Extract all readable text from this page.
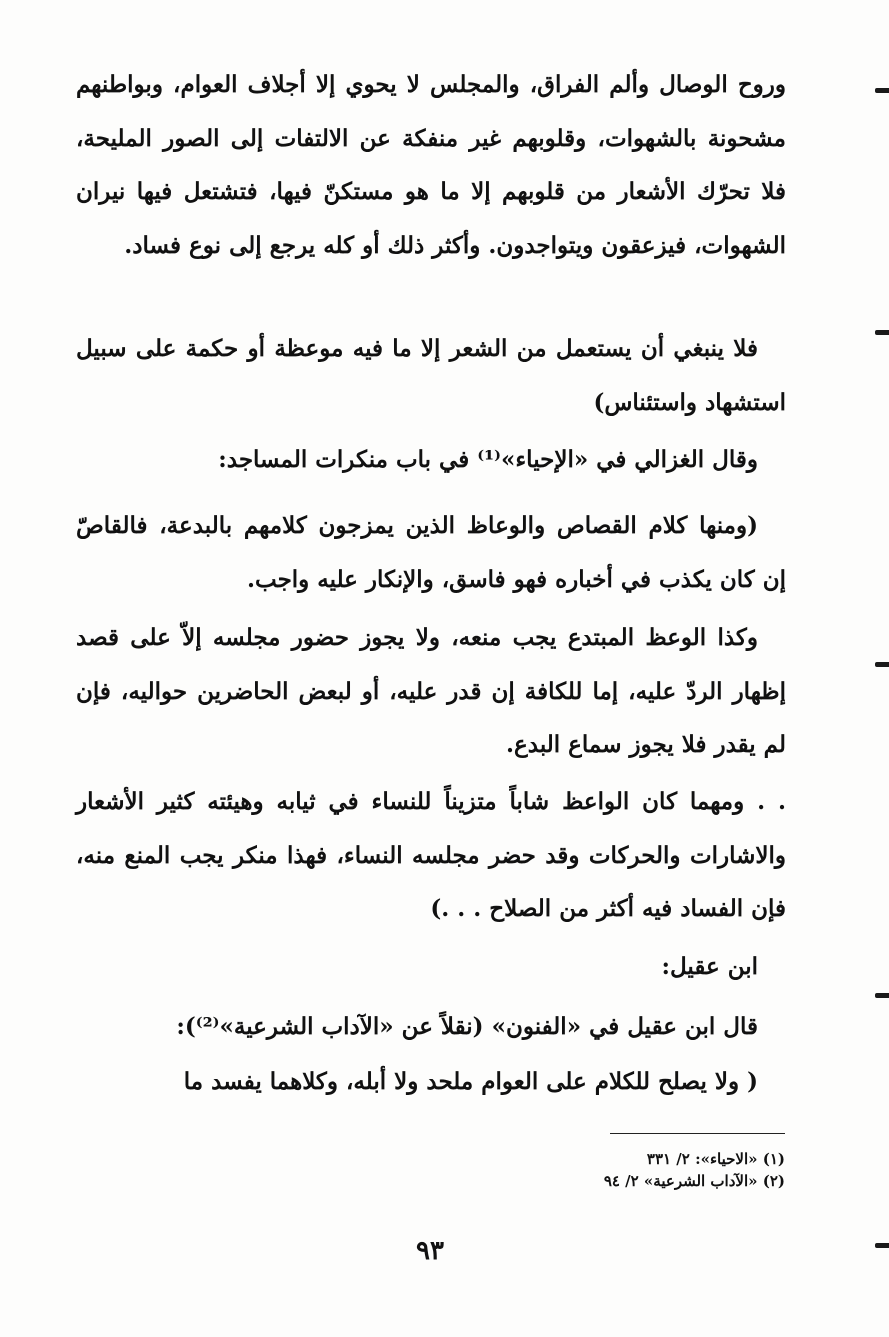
وروح الوصال وألم الفراق، والمجلس لا يحوي إلا أجلاف العوام، وبواطنهم مشحونة بالشهوات، وقلوبهم غير منفكة عن الالتفات إلى الصور المليحة، فلا تحرّك الأشعار من قلوبهم إلا ما هو مستكنّ فيها، فتشتعل فيها نيران الشهوات، فيزعقون ويتواجدون. وأكثر ذلك أو كله يرجع إلى نوع فساد.
فلا ينبغي أن يستعمل من الشعر إلا ما فيه موعظة أو حكمة على سبيل استشهاد واستئناس)
وقال الغزالي في «الإحياء»⁽¹⁾ في باب منكرات المساجد:
(ومنها كلام القصاص والوعاظ الذين يمزجون كلامهم بالبدعة، فالقاصّ إن كان يكذب في أخباره فهو فاسق، والإنكار عليه واجب.
وكذا الوعظ المبتدع يجب منعه، ولا يجوز حضور مجلسه إلاّ على قصد إظهار الردّ عليه، إما للكافة إن قدر عليه، أو لبعض الحاضرين حواليه، فإن لم يقدر فلا يجوز سماع البدع.
. . ومهما كان الواعظ شاباً متزيناً للنساء في ثيابه وهيئته كثير الأشعار والاشارات والحركات وقد حضر مجلسه النساء، فهذا منكر يجب المنع منه، فإن الفساد فيه أكثر من الصلاح . . .)
ابن عقيل:
قال ابن عقيل في «الفنون» (نقلاً عن «الآداب الشرعية»⁽²⁾):
( ولا يصلح للكلام على العوام ملحد ولا أبله، وكلاهما يفسد ما
(١) «الاحياء»: ٢/ ٣٣١
(٢) «الآداب الشرعية» ٢/ ٩٤
٩٣
